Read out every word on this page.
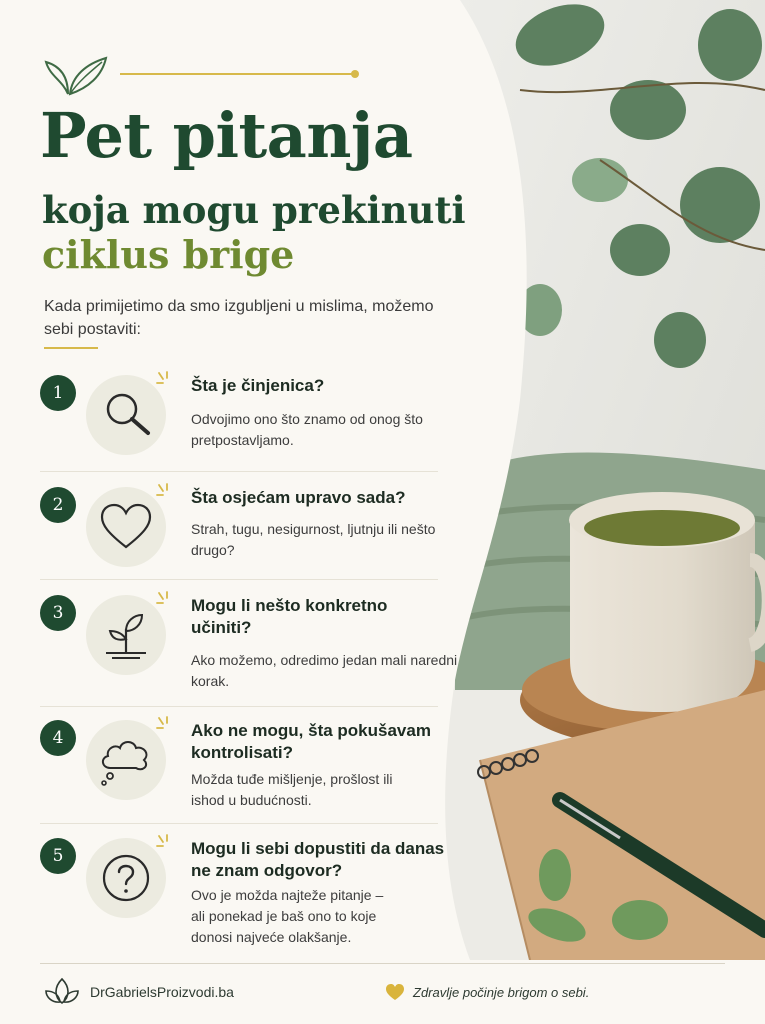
Pet pitanja
koja mogu prekinuti
ciklus brige

Kada primijetimo da smo izgubljeni u mislima, možemo sebi postaviti:

1	Šta je činjenica?

Odvojimo ono što znamo od onog što pretpostavljamo.

2	Šta osjećam upravo sada?

Strah, tugu, nesigurnost, ljutnju ili nešto drugo?

3	Mogu li nešto konkretno učiniti?

Ako možemo, odredimo jedan mali naredni korak.

4	Ako ne mogu, šta pokušavam kontrolisati?

Možda tuđe mišljenje, prošlost ili ishod u budućnosti.

5	Mogu li sebi dopustiti da danas ne znam odgovor?

Ovo je možda najteže pitanje – ali ponekad je baš ono to koje donosi najveće olakšanje.

DrGabrielsProizvodi.ba	Zdravlje počinje brigom o sebi.
